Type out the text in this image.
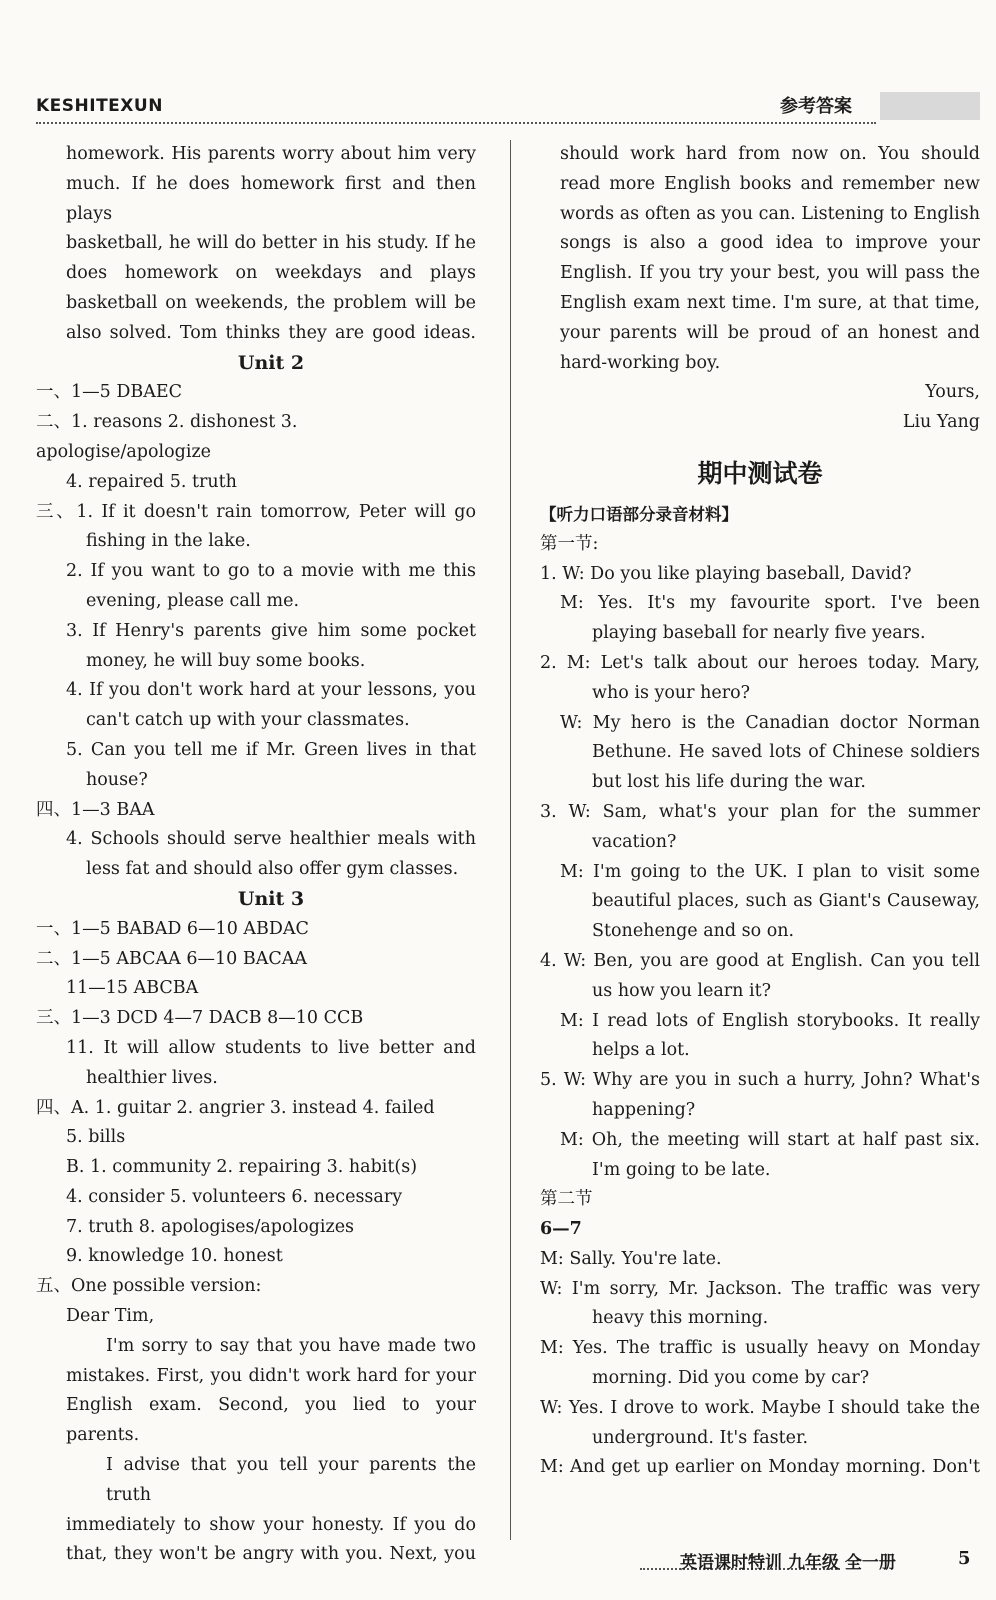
KESHITEXUN	参考答案

homework. His parents worry about him very

much. If he does homework first and then plays

basketball, he will do better in his study. If he

does homework on weekdays and plays

basketball on weekends, the problem will be

also solved. Tom thinks they are good ideas.

Unit 2

一、1—5 DBAEC

二、1. reasons 2. dishonest 3. apologise/apologize

4. repaired 5. truth

三、1. If it doesn't rain tomorrow, Peter will go

fishing in the lake.

2. If you want to go to a movie with me this

evening, please call me.

3. If Henry's parents give him some pocket

money, he will buy some books.

4. If you don't work hard at your lessons, you

can't catch up with your classmates.

5. Can you tell me if Mr. Green lives in that

house?

四、1—3 BAA

4. Schools should serve healthier meals with

less fat and should also offer gym classes.

Unit 3

一、1—5 BABAD 6—10 ABDAC

二、1—5 ABCAA 6—10 BACAA

11—15 ABCBA

三、1—3 DCD 4—7 DACB 8—10 CCB

11. It will allow students to live better and

healthier lives.

四、A. 1. guitar 2. angrier 3. instead 4. failed

5. bills

B. 1. community 2. repairing 3. habit(s)

4. consider 5. volunteers 6. necessary

7. truth 8. apologises/apologizes

9. knowledge 10. honest

五、One possible version:

Dear Tim,

I'm sorry to say that you have made two

mistakes. First, you didn't work hard for your

English exam. Second, you lied to your

parents.

I advise that you tell your parents the truth

immediately to show your honesty. If you do

that, they won't be angry with you. Next, you

should work hard from now on. You should

read more English books and remember new

words as often as you can. Listening to English

songs is also a good idea to improve your

English. If you try your best, you will pass the

English exam next time. I'm sure, at that time,

your parents will be proud of an honest and

hard-working boy.

Yours,

Liu Yang

期中测试卷

【听力口语部分录音材料】

第一节:

1. W: Do you like playing baseball, David?

M: Yes. It's my favourite sport. I've been

playing baseball for nearly five years.

2. M: Let's talk about our heroes today. Mary,

who is your hero?

W: My hero is the Canadian doctor Norman

Bethune. He saved lots of Chinese soldiers

but lost his life during the war.

3. W: Sam, what's your plan for the summer

vacation?

M: I'm going to the UK. I plan to visit some

beautiful places, such as Giant's Causeway,

Stonehenge and so on.

4. W: Ben, you are good at English. Can you tell

us how you learn it?

M: I read lots of English storybooks. It really

helps a lot.

5. W: Why are you in such a hurry, John? What's

happening?

M: Oh, the meeting will start at half past six.

I'm going to be late.

第二节

6—7

M: Sally. You're late.

W: I'm sorry, Mr. Jackson. The traffic was very

heavy this morning.

M: Yes. The traffic is usually heavy on Monday

morning. Did you come by car?

W: Yes. I drove to work. Maybe I should take the

underground. It's faster.

M: And get up earlier on Monday morning. Don't

英语课时特训 九年级 全一册	5
